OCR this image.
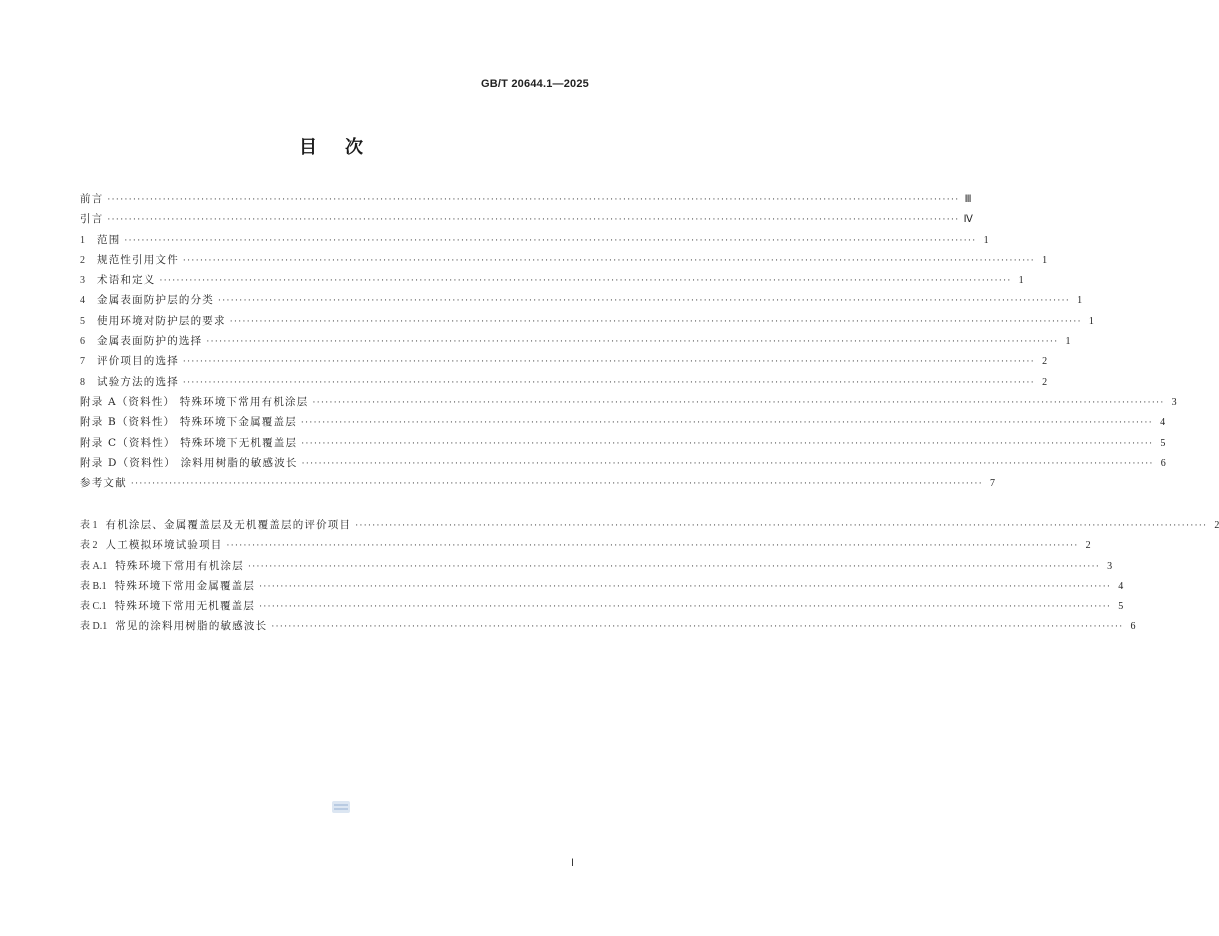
GB/T 20644.1—2025
目次
前言 ········································································································································································································ Ⅲ
引言 ········································································································································································································ Ⅳ
1 范围 ········································································································································································································ 1
2 规范性引用文件 ········································································································································································································ 1
3 术语和定义 ········································································································································································································ 1
4 金属表面防护层的分类 ········································································································································································································ 1
5 使用环境对防护层的要求 ········································································································································································································ 1
6 金属表面防护的选择 ········································································································································································································ 1
7 评价项目的选择 ········································································································································································································ 2
8 试验方法的选择 ········································································································································································································ 2
附录 A（资料性） 特殊环境下常用有机涂层 ········································································································································································································ 3
附录 B（资料性） 特殊环境下金属覆盖层 ········································································································································································································ 4
附录 C（资料性） 特殊环境下无机覆盖层 ········································································································································································································ 5
附录 D（资料性） 涂料用树脂的敏感波长 ········································································································································································································ 6
参考文献 ········································································································································································································ 7
表 1 有机涂层、金属覆盖层及无机覆盖层的评价项目 ········································································································································································································ 2
表 2 人工模拟环境试验项目 ········································································································································································································ 2
表 A.1 特殊环境下常用有机涂层 ········································································································································································································ 3
表 B.1 特殊环境下常用金属覆盖层 ········································································································································································································ 4
表 C.1 特殊环境下常用无机覆盖层 ········································································································································································································ 5
表 D.1 常见的涂料用树脂的敏感波长 ········································································································································································································ 6
Ⅰ
